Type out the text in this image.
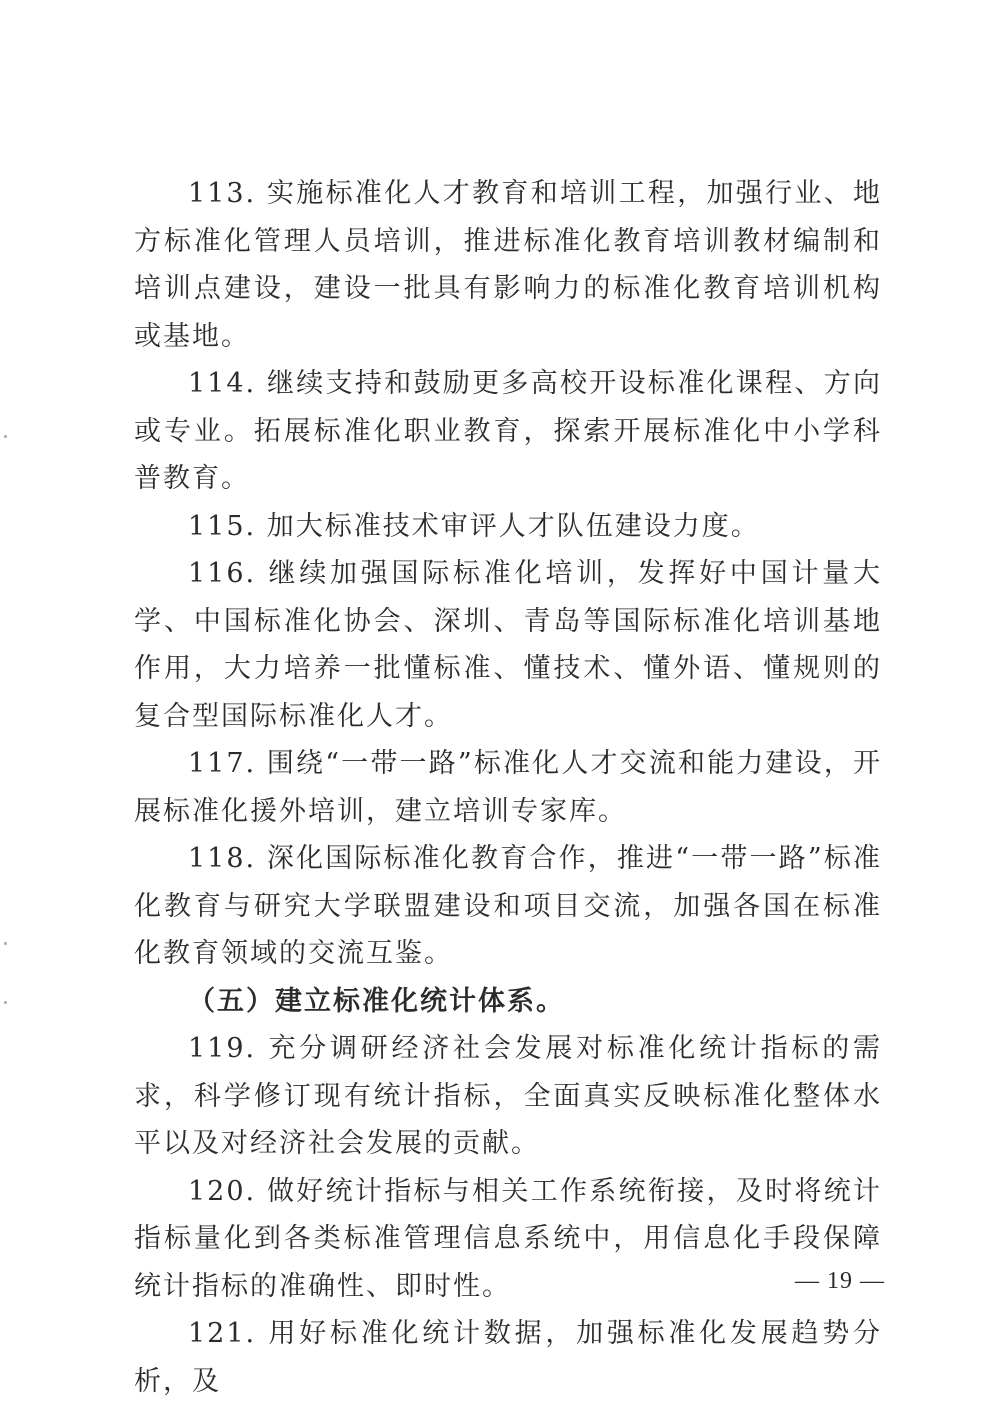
113. 实施标准化人才教育和培训工程，加强行业、地方标准化管理人员培训，推进标准化教育培训教材编制和培训点建设，建设一批具有影响力的标准化教育培训机构或基地。

114. 继续支持和鼓励更多高校开设标准化课程、方向或专业。拓展标准化职业教育，探索开展标准化中小学科普教育。

115. 加大标准技术审评人才队伍建设力度。

116. 继续加强国际标准化培训，发挥好中国计量大学、中国标准化协会、深圳、青岛等国际标准化培训基地作用，大力培养一批懂标准、懂技术、懂外语、懂规则的复合型国际标准化人才。

117. 围绕“一带一路”标准化人才交流和能力建设，开展标准化援外培训，建立培训专家库。

118. 深化国际标准化教育合作，推进“一带一路”标准化教育与研究大学联盟建设和项目交流，加强各国在标准化教育领域的交流互鉴。

（五）建立标准化统计体系。

119. 充分调研经济社会发展对标准化统计指标的需求，科学修订现有统计指标，全面真实反映标准化整体水平以及对经济社会发展的贡献。

120. 做好统计指标与相关工作系统衔接，及时将统计指标量化到各类标准管理信息系统中，用信息化手段保障统计指标的准确性、即时性。

121. 用好标准化统计数据，加强标准化发展趋势分析，及

— 19 —
